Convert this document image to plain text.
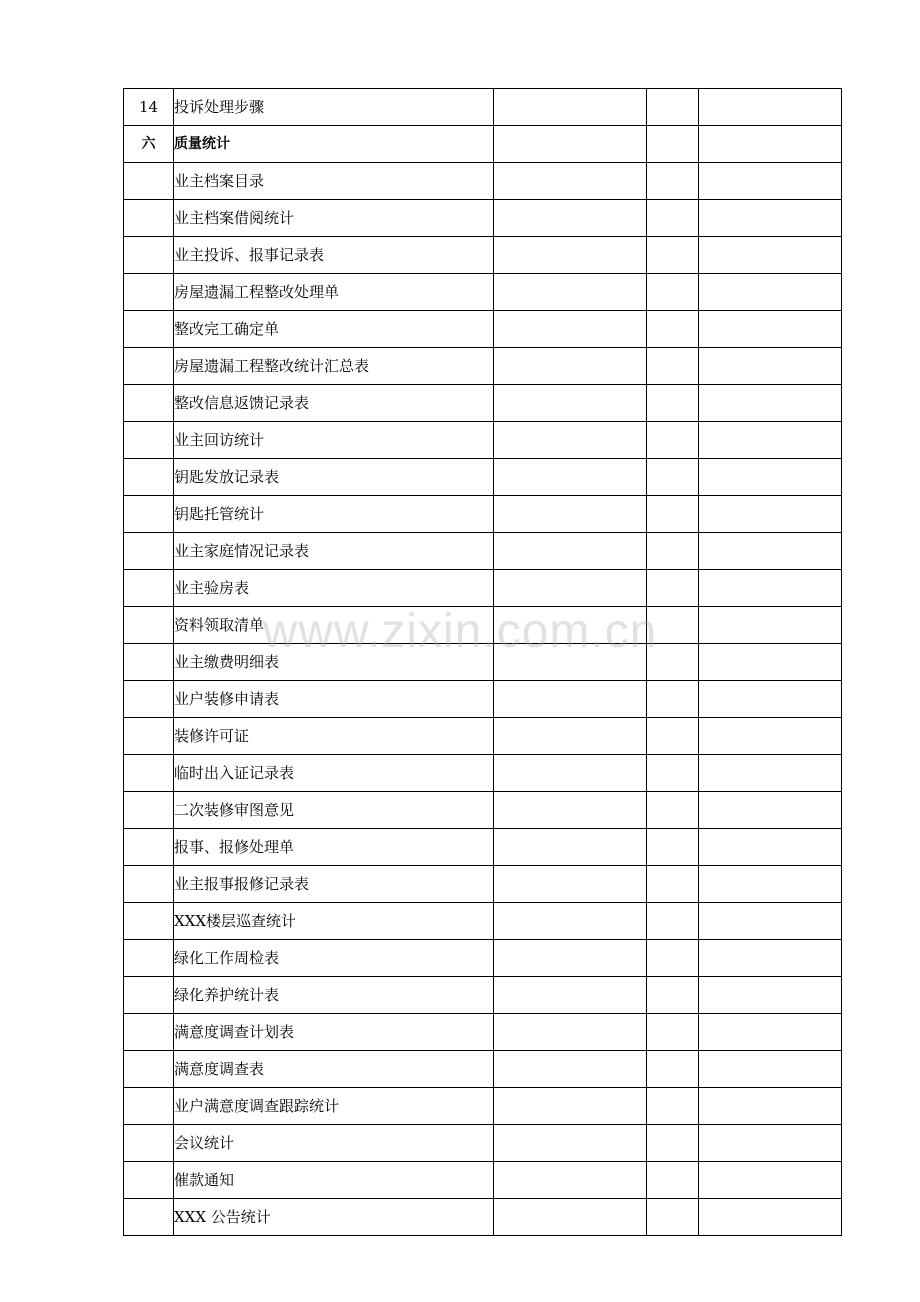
14	投诉处理步骤			
六	质量统计			
	业主档案目录			
	业主档案借阅统计			
	业主投诉、报事记录表			
	房屋遗漏工程整改处理单			
	整改完工确定单			
	房屋遗漏工程整改统计汇总表			
	整改信息返馈记录表			
	业主回访统计			
	钥匙发放记录表			
	钥匙托管统计			
	业主家庭情况记录表			
	业主验房表			
	资料领取清单			
	业主缴费明细表			
	业户装修申请表			
	装修许可证			
	临时出入证记录表			
	二次装修审图意见			
	报事、报修处理单			
	业主报事报修记录表			
	XXX楼层巡查统计			
	绿化工作周检表			
	绿化养护统计表			
	满意度调查计划表			
	满意度调查表			
	业户满意度调查跟踪统计			
	会议统计			
	催款通知			
	XXX 公告统计			
www.zixin.com.cn
